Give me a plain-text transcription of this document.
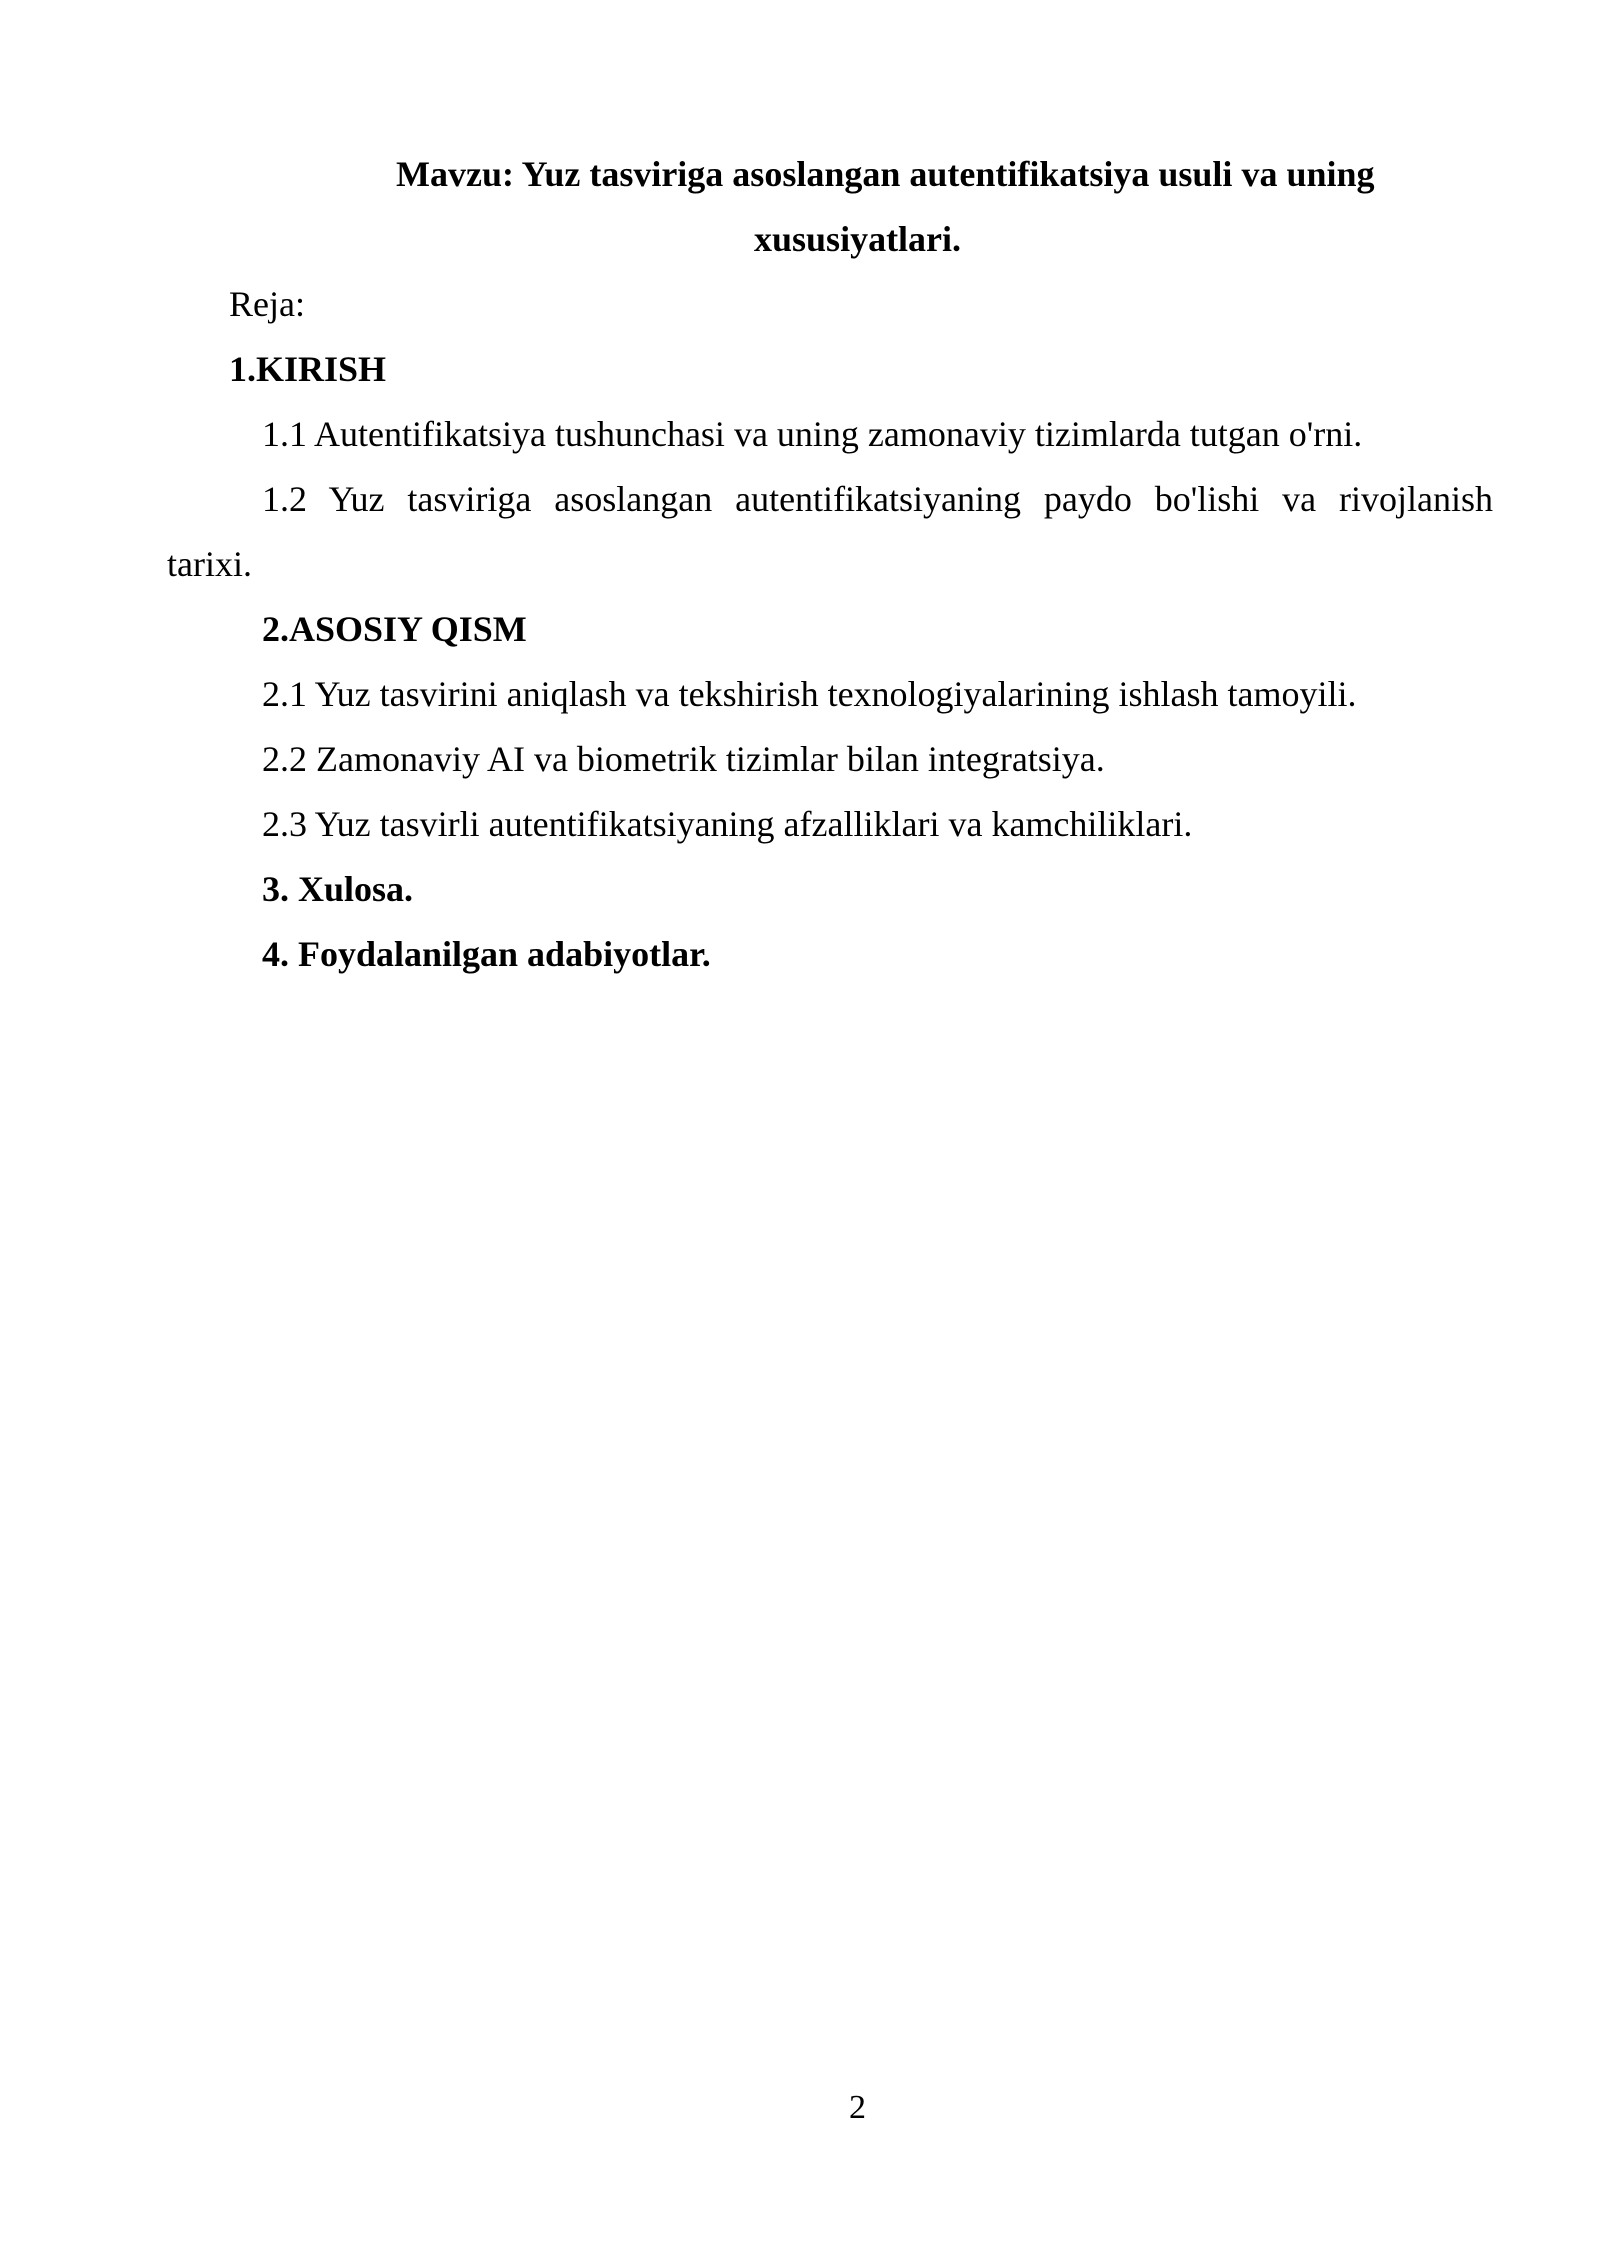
Mavzu: Yuz tasviriga asoslangan autentifikatsiya usuli va uning
xususiyatlari.
Reja:
1.KIRISH
1.1 Autentifikatsiya tushunchasi va uning zamonaviy tizimlarda tutgan o'rni.
1.2 Yuz tasviriga asoslangan autentifikatsiyaning paydo bo'lishi va rivojlanish
tarixi.
2.ASOSIY QISM
2.1 Yuz tasvirini aniqlash va tekshirish texnologiyalarining ishlash tamoyili.
2.2 Zamonaviy AI va biometrik tizimlar bilan integratsiya.
2.3 Yuz tasvirli autentifikatsiyaning afzalliklari va kamchiliklari.
3. Xulosa.
4. Foydalanilgan adabiyotlar.
2
